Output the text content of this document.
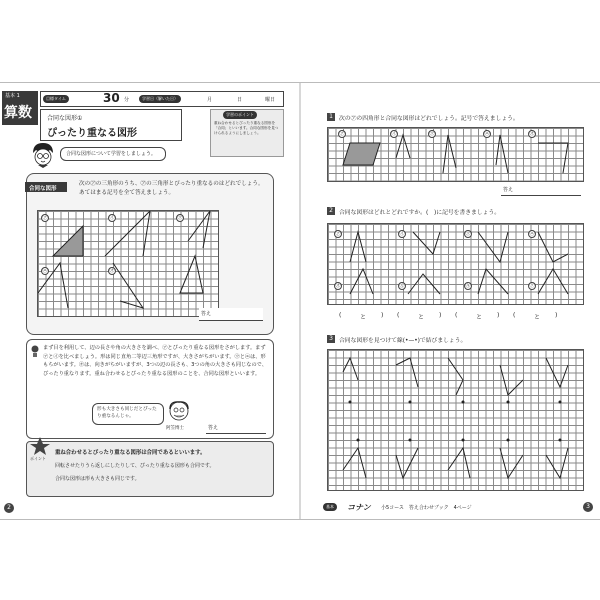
基本 1
算数
目標タイム	30 分	学習日（解いた日）	月	日	曜日
合同な図形①
ぴったり重なる図形
学習のポイント
重ね合わせるとぴったり重なる図形を「合同」といいます。合同な図形を見つけられるようにしましょう。
合同な図形について学習をしましょう。
合同な図形
次の㋐の三角形のうち、㋐の三角形とぴったり重なるのはどれでしょう。あてはまる記号を全て答えましょう。
㋐	㋑	㋒
㋓	㋔
答え
まず目を利用して、辺の長さや角の大きさを調べ、㋐とぴったり重なる図形をさがします。まず㋐と㋑を比べましょう。形は同じ直角二等辺三角形ですが、大きさがちがいます。㋒と㋓は、形もちがいます。㋔は、向きがちがいますが、3つの辺の長さも、3つの角の大きさも同じなので、ぴったり重なります。重ね合わせるとぴったり重なる図形のことを、合同な図形といいます。
形も大きさも同じだとぴったり重なるんじゃ。
阿笠博士	答え
ポイント
重ね合わせるとぴったり重なる図形は合同であるといいます。
回転させたりうら返しにしたりして、ぴったり重なる図形も合同です。
合同な図形は形も大きさも同じです。
2
1	次の㋐の四角形と合同な図形はどれでしょう。記号で答えましょう。
㋐	㋑	㋒	㋓	㋔
答え
2	合同な図形はどれとどれですか。(　)に記号を書きましょう。
㋐	㋑	㋒	㋓
㋔	㋕	㋖	㋗
(	と ) (	と ) (	と ) (	と )
3	合同な図形を見つけて線(•—•)で結びましょう。
基本	コナン 小5コース　答え合わせブック　4ページ	3
